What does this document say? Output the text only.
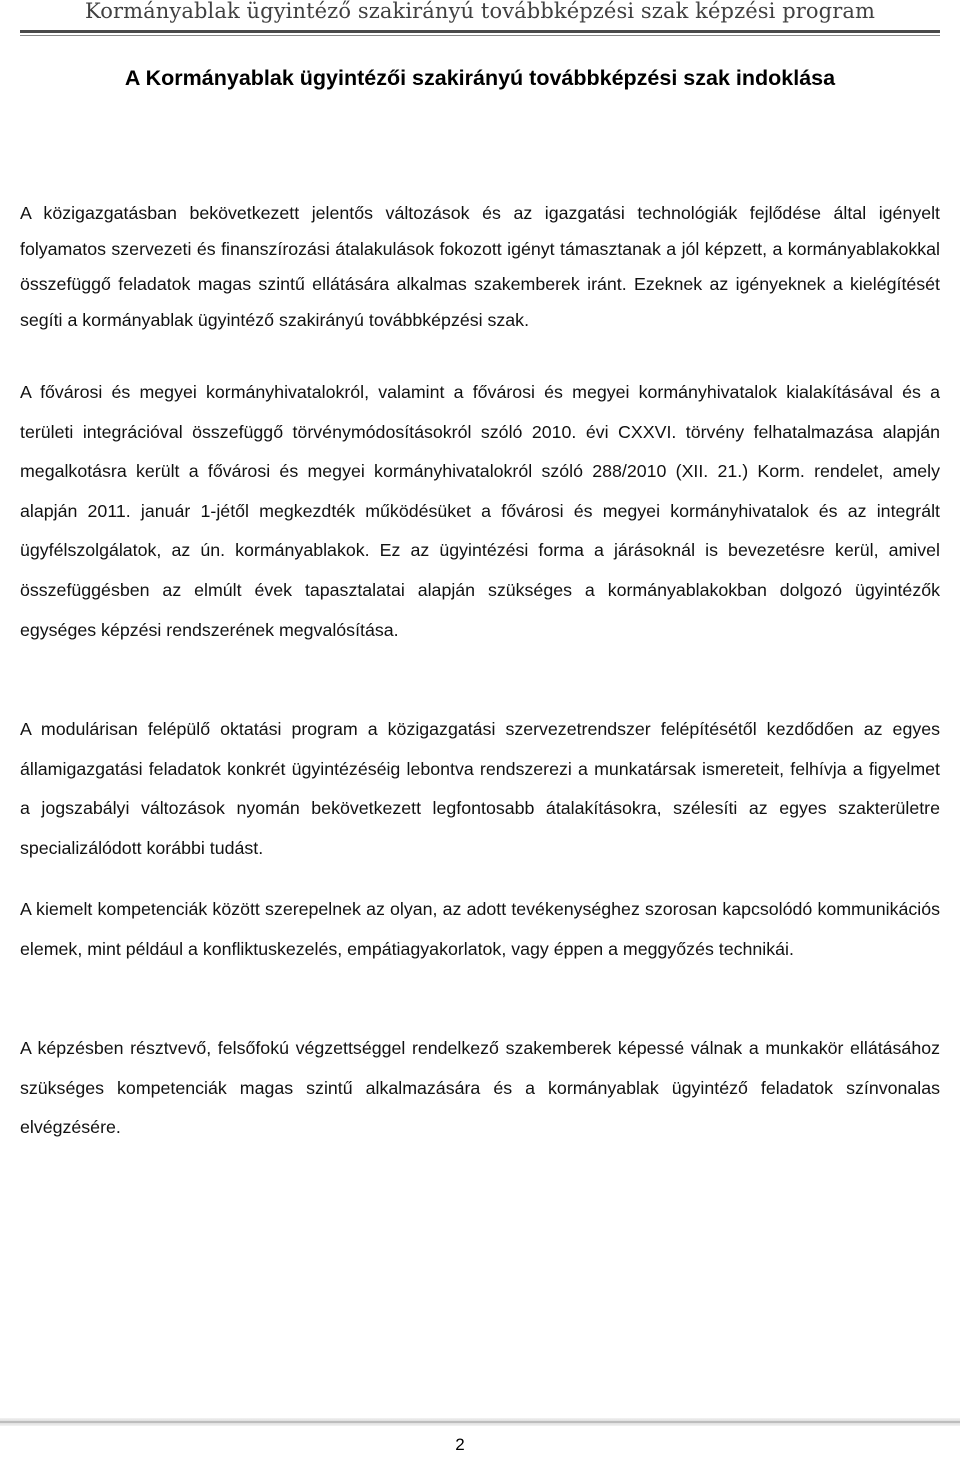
Kormányablak ügyintéző szakirányú továbbképzési szak képzési program
A Kormányablak ügyintézői szakirányú továbbképzési szak indoklása

A közigazgatásban bekövetkezett jelentős változások és az igazgatási technológiák fejlődése által igényelt folyamatos szervezeti és finanszírozási átalakulások fokozott igényt támasztanak a jól képzett, a kormányablakokkal összefüggő feladatok magas szintű ellátására alkalmas szakemberek iránt. Ezeknek az igényeknek a kielégítését segíti a kormányablak ügyintéző szakirányú továbbképzési szak.

A fővárosi és megyei kormányhivatalokról, valamint a fővárosi és megyei kormányhivatalok kialakításával és a területi integrációval összefüggő törvénymódosításokról szóló 2010. évi CXXVI. törvény felhatalmazása alapján megalkotásra került a fővárosi és megyei kormányhivatalokról szóló 288/2010 (XII. 21.) Korm. rendelet, amely alapján 2011. január 1-jétől megkezdték működésüket a fővárosi és megyei kormányhivatalok és az integrált ügyfélszolgálatok, az ún. kormányablakok. Ez az ügyintézési forma a járásoknál is bevezetésre kerül, amivel összefüggésben az elmúlt évek tapasztalatai alapján szükséges a kormányablakokban dolgozó ügyintézők egységes képzési rendszerének megvalósítása.

A modulárisan felépülő oktatási program a közigazgatási szervezetrendszer felépítésétől kezdődően az egyes államigazgatási feladatok konkrét ügyintézéséig lebontva rendszerezi a munkatársak ismereteit, felhívja a figyelmet a jogszabályi változások nyomán bekövetkezett legfontosabb átalakításokra, szélesíti az egyes szakterületre specializálódott korábbi tudást.

A kiemelt kompetenciák között szerepelnek az olyan, az adott tevékenységhez szorosan kapcsolódó kommunikációs elemek, mint például a konfliktuskezelés, empátiagyakorlatok, vagy éppen a meggyőzés technikái.

A képzésben résztvevő, felsőfokú végzettséggel rendelkező szakemberek képessé válnak a munkakör ellátásához szükséges kompetenciák magas szintű alkalmazására és a kormányablak ügyintéző feladatok színvonalas elvégzésére.

2
